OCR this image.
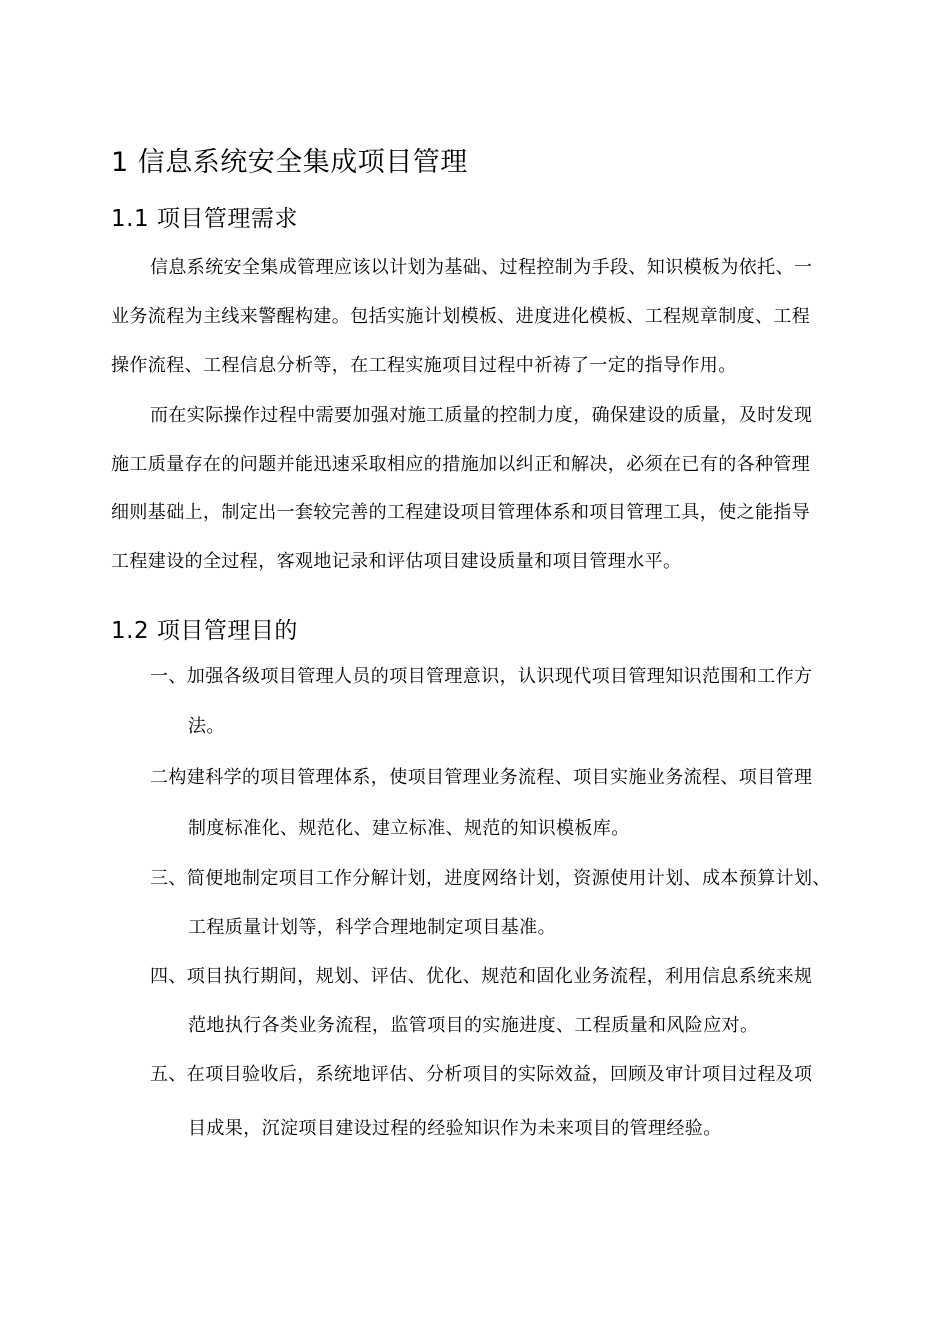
1 信息系统安全集成项目管理
1.1 项目管理需求
信息系统安全集成管理应该以计划为基础、过程控制为手段、知识模板为依托、一
业务流程为主线来警醒构建。包括实施计划模板、进度进化模板、工程规章制度、工程
操作流程、工程信息分析等，在工程实施项目过程中祈祷了一定的指导作用。
而在实际操作过程中需要加强对施工质量的控制力度，确保建设的质量，及时发现
施工质量存在的问题并能迅速采取相应的措施加以纠正和解决，必须在已有的各种管理
细则基础上，制定出一套较完善的工程建设项目管理体系和项目管理工具，使之能指导
工程建设的全过程，客观地记录和评估项目建设质量和项目管理水平。
1.2 项目管理目的
一、加强各级项目管理人员的项目管理意识，认识现代项目管理知识范围和工作方
法。
二构建科学的项目管理体系，使项目管理业务流程、项目实施业务流程、项目管理
制度标准化、规范化、建立标准、规范的知识模板库。
三、简便地制定项目工作分解计划，进度网络计划，资源使用计划、成本预算计划、
工程质量计划等，科学合理地制定项目基准。
四、项目执行期间，规划、评估、优化、规范和固化业务流程，利用信息系统来规
范地执行各类业务流程，监管项目的实施进度、工程质量和风险应对。
五、在项目验收后，系统地评估、分析项目的实际效益，回顾及审计项目过程及项
目成果，沉淀项目建设过程的经验知识作为未来项目的管理经验。
